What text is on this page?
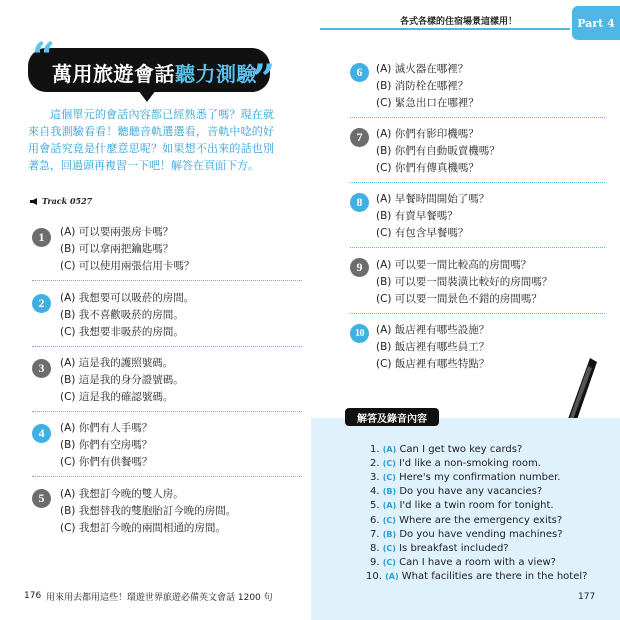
各式各樣的住宿場景這樣用！	Part 4
“	”
萬用旅遊會話聽力測驗
這個單元的會話內容都已經熟悉了嗎？現在就來自我測驗看看！聽聽音軌選選看，音軌中唸的好用會話究竟是什麼意思呢？如果想不出來的話也別著急，回過頭再複習一下吧！解答在頁面下方。
Track 0527
1	(A) 可以要兩張房卡嗎？
(B) 可以拿兩把鑰匙嗎？
(C) 可以使用兩張信用卡嗎？
2	(A) 我想要可以吸菸的房間。
(B) 我不喜歡吸菸的房間。
(C) 我想要非吸菸的房間。
3	(A) 這是我的護照號碼。
(B) 這是我的身分證號碼。
(C) 這是我的確認號碼。
4	(A) 你們有人手嗎？
(B) 你們有空房嗎？
(C) 你們有供餐嗎？
5	(A) 我想訂今晚的雙人房。
(B) 我想替我的雙胞胎訂今晚的房間。
(C) 我想訂今晚的兩間相通的房間。
6	(A) 滅火器在哪裡？
(B) 消防栓在哪裡？
(C) 緊急出口在哪裡？
7	(A) 你們有影印機嗎？
(B) 你們有自動販賣機嗎？
(C) 你們有傳真機嗎？
8	(A) 早餐時間開始了嗎？
(B) 有賣早餐嗎？
(C) 有包含早餐嗎？
9	(A) 可以要一間比較高的房間嗎？
(B) 可以要一間裝潢比較好的房間嗎？
(C) 可以要一間景色不錯的房間嗎？
10	(A) 飯店裡有哪些設施？
(B) 飯店裡有哪些員工？
(C) 飯店裡有哪些特點？
解答及錄音內容
1. (A) Can I get two key cards?
2. (C) I'd like a non-smoking room.
3. (C) Here's my confirmation number.
4. (B) Do you have any vacancies?
5. (A) I'd like a twin room for tonight.
6. (C) Where are the emergency exits?
7. (B) Do you have vending machines?
8. (C) Is breakfast included?
9. (C) Can I have a room with a view?
10. (A) What facilities are there in the hotel?
176 用來用去都用這些！環遊世界旅遊必備英文會話 1200 句	177
